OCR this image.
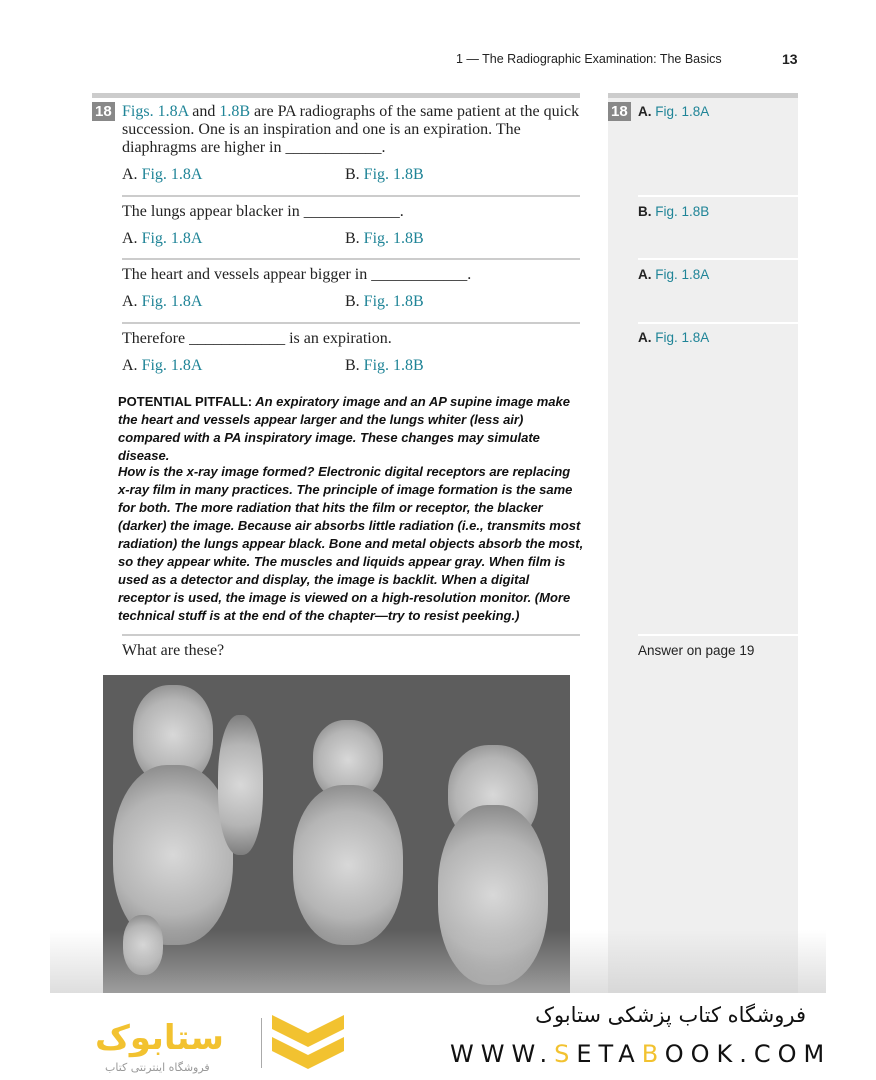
1 — The Radiographic Examination: The Basics	13
18 Figs. 1.8A and 1.8B are PA radiographs of the same patient at the quick succession. One is an inspiration and one is an expiration. The diaphragms are higher in ____________.
A. Fig. 1.8A	B. Fig. 1.8B
A. Fig. 1.8A
The lungs appear blacker in ____________.
A. Fig. 1.8A	B. Fig. 1.8B
B. Fig. 1.8B
The heart and vessels appear bigger in ____________.
A. Fig. 1.8A	B. Fig. 1.8B
A. Fig. 1.8A
Therefore ____________ is an expiration.
A. Fig. 1.8A	B. Fig. 1.8B
A. Fig. 1.8A
18
POTENTIAL PITFALL: An expiratory image and an AP supine image make the heart and vessels appear larger and the lungs whiter (less air) compared with a PA inspiratory image. These changes may simulate disease.
How is the x-ray image formed? Electronic digital receptors are replacing x-ray film in many practices. The principle of image formation is the same for both. The more radiation that hits the film or receptor, the blacker (darker) the image. Because air absorbs little radiation (i.e., transmits most radiation) the lungs appear black. Bone and metal objects absorb the most, so they appear white. The muscles and liquids appear gray. When film is used as a detector and display, the image is backlit. When a digital receptor is used, the image is viewed on a high-resolution monitor. (More technical stuff is at the end of the chapter—try to resist peeking.)
What are these?	Answer on page 19
ستابوک
فروشگاه اینترنتی کتاب
فروشگاه کتاب پزشکی ستابوک
WWW.SETABOOK.COM
